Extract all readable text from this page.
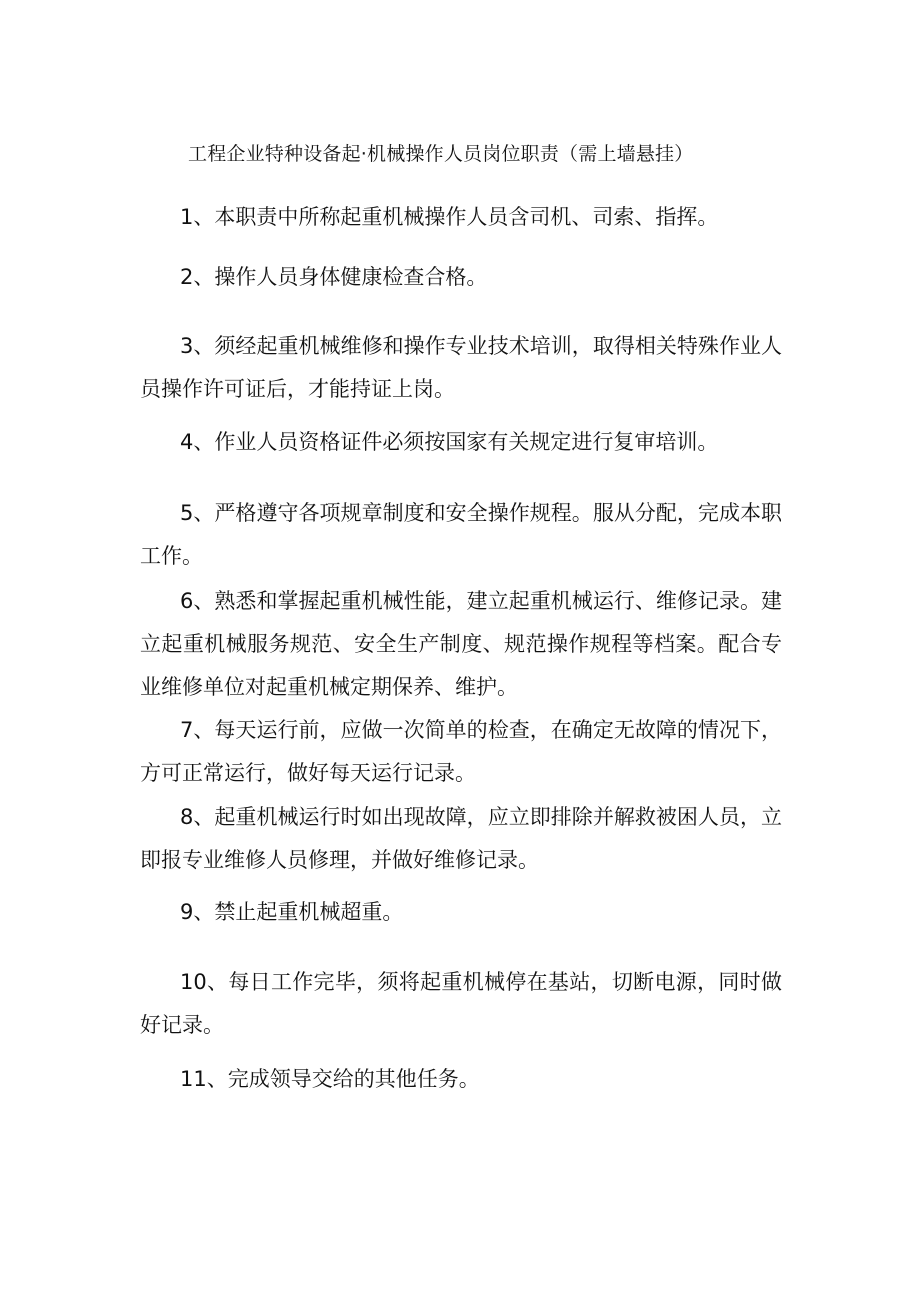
工程企业特种设备起·机械操作人员岗位职责（需上墙悬挂）

1、本职责中所称起重机械操作人员含司机、司索、指挥。

2、操作人员身体健康检查合格。

3、须经起重机械维修和操作专业技术培训，取得相关特殊作业人员操作许可证后，才能持证上岗。

4、作业人员资格证件必须按国家有关规定进行复审培训。

5、严格遵守各项规章制度和安全操作规程。服从分配，完成本职工作。

6、熟悉和掌握起重机械性能，建立起重机械运行、维修记录。建立起重机械服务规范、安全生产制度、规范操作规程等档案。配合专业维修单位对起重机械定期保养、维护。

7、每天运行前，应做一次简单的检查，在确定无故障的情况下，方可正常运行，做好每天运行记录。

8、起重机械运行时如出现故障，应立即排除并解救被困人员，立即报专业维修人员修理，并做好维修记录。

9、禁止起重机械超重。

10、每日工作完毕，须将起重机械停在基站，切断电源，同时做好记录。

11、完成领导交给的其他任务。
